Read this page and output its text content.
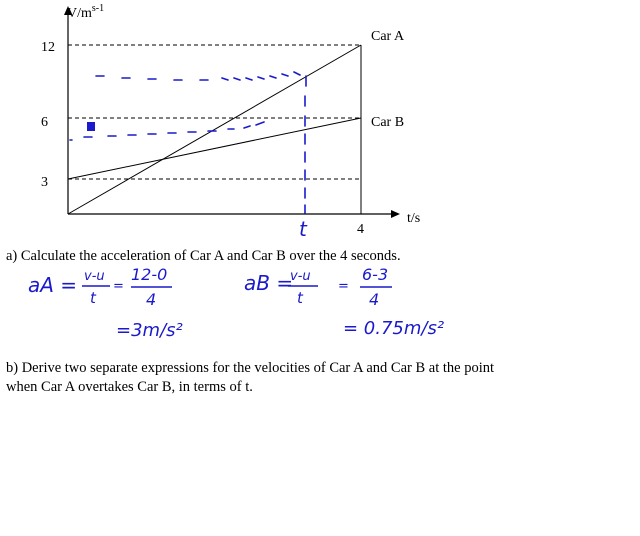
$V/m^{s-1}$
t/s
12
6
3
4
Car A
Car B
t
aA = v-u
t
=
12-0
4
=3m/s²
aB =
v-u
t
=
6-3
4
= 0.75m/s²
a) Calculate the acceleration of Car A and Car B over the 4 seconds.
b) Derive two separate expressions for the velocities of Car A and Car B at the point
when Car A overtakes Car B, in terms of t.
